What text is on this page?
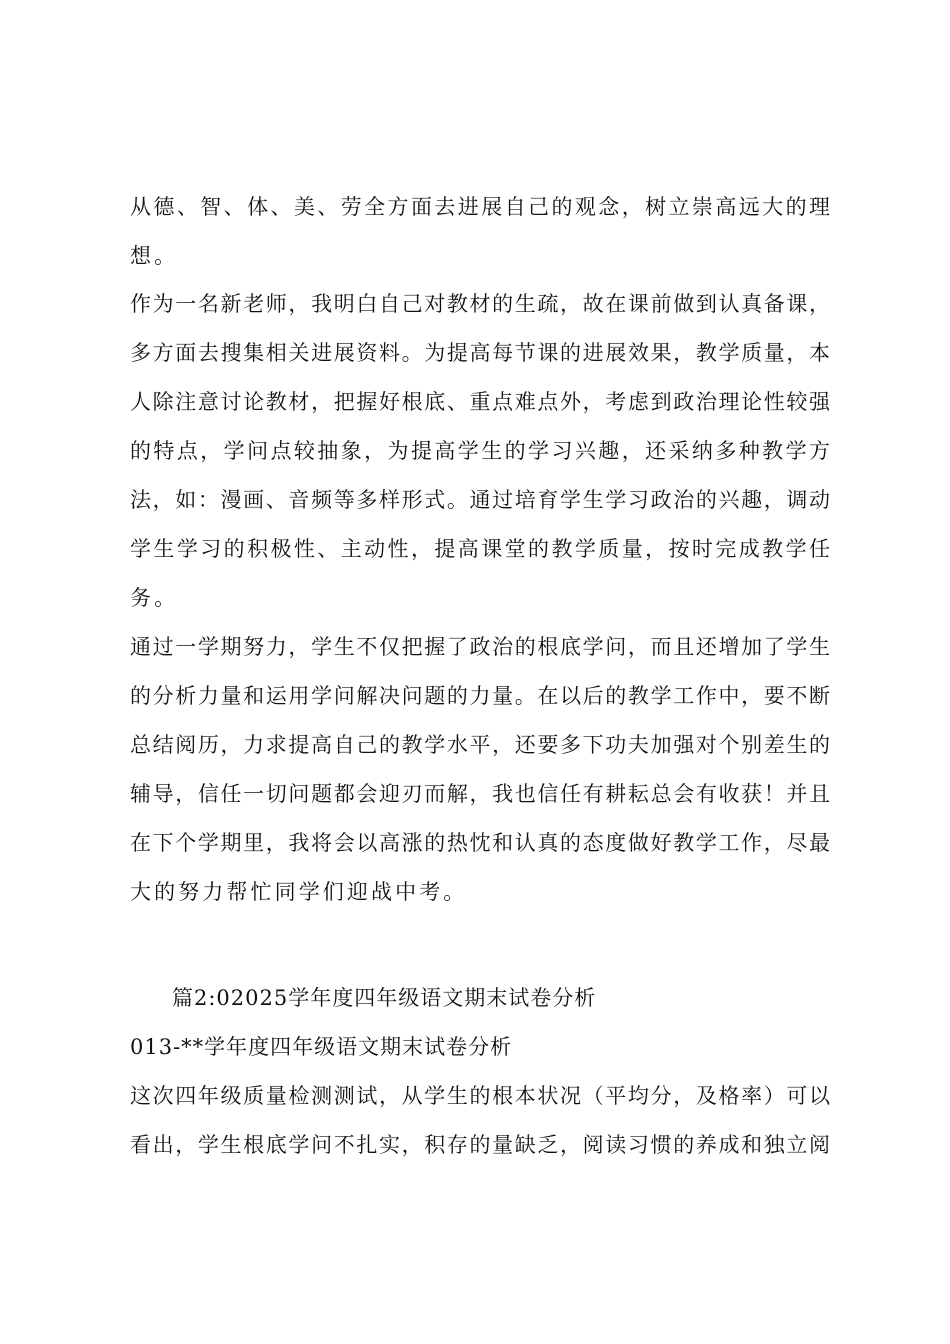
从德、智、体、美、劳全方面去进展自己的观念，树立崇高远大的理
想。
作为一名新老师，我明白自己对教材的生疏，故在课前做到认真备课，
多方面去搜集相关进展资料。为提高每节课的进展效果，教学质量，本
人除注意讨论教材，把握好根底、重点难点外，考虑到政治理论性较强
的特点，学问点较抽象，为提高学生的学习兴趣，还采纳多种教学方
法，如：漫画、音频等多样形式。通过培育学生学习政治的兴趣，调动
学生学习的积极性、主动性，提高课堂的教学质量，按时完成教学任
务。
通过一学期努力，学生不仅把握了政治的根底学问，而且还增加了学生
的分析力量和运用学问解决问题的力量。在以后的教学工作中，要不断
总结阅历，力求提高自己的教学水平，还要多下功夫加强对个别差生的
辅导，信任一切问题都会迎刃而解，我也信任有耕耘总会有收获！并且
在下个学期里，我将会以高涨的热忱和认真的态度做好教学工作，尽最
大的努力帮忙同学们迎战中考。
篇2:02025学年度四年级语文期末试卷分析
013-**学年度四年级语文期末试卷分析
这次四年级质量检测测试，从学生的根本状况（平均分，及格率）可以
看出，学生根底学问不扎实，积存的量缺乏，阅读习惯的养成和独立阅
